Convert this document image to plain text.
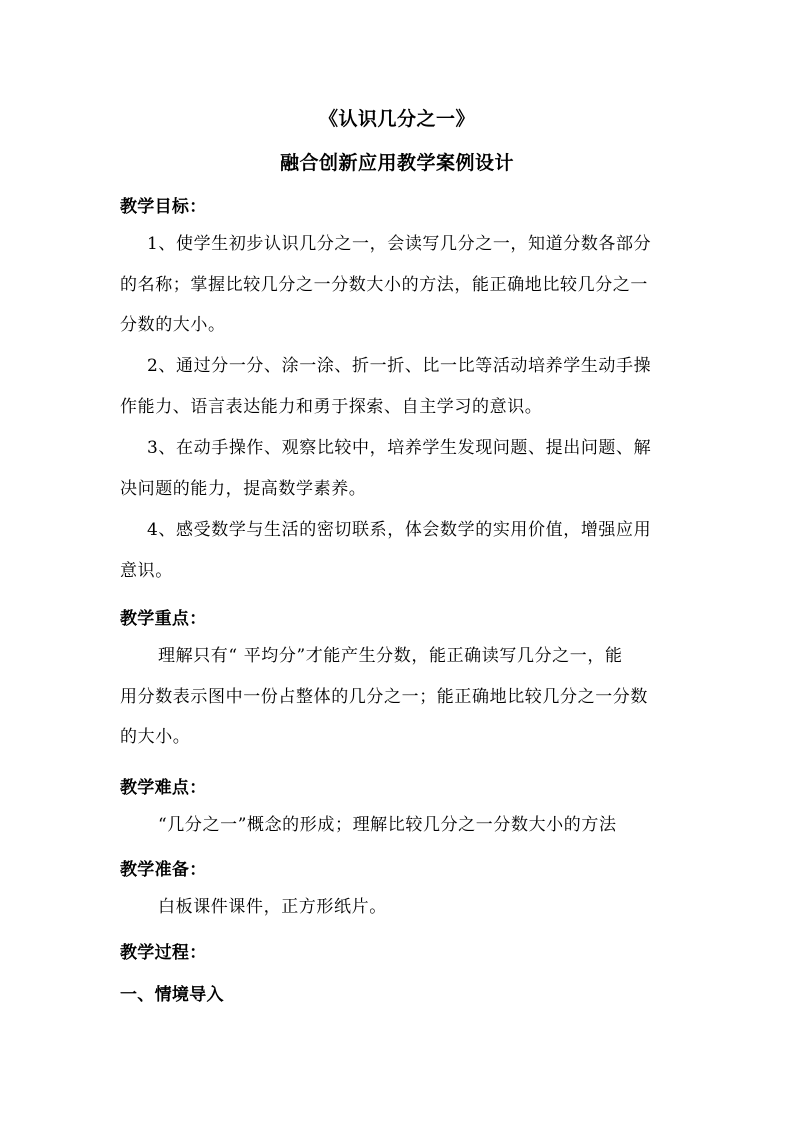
《认识几分之一》
融合创新应用教学案例设计
教学目标：
1、使学生初步认识几分之一，会读写几分之一，知道分数各部分
的名称；掌握比较几分之一分数大小的方法，能正确地比较几分之一
分数的大小。
2、通过分一分、涂一涂、折一折、比一比等活动培养学生动手操
作能力、语言表达能力和勇于探索、自主学习的意识。
3、在动手操作、观察比较中，培养学生发现问题、提出问题、解
决问题的能力，提高数学素养。
4、感受数学与生活的密切联系，体会数学的实用价值，增强应用
意识。
教学重点：
理解只有“ 平均分”才能产生分数，能正确读写几分之一，能
用分数表示图中一份占整体的几分之一；能正确地比较几分之一分数
的大小。
教学难点：
“几分之一”概念的形成；理解比较几分之一分数大小的方法
教学准备：
白板课件课件，正方形纸片。
教学过程：
一、情境导入
